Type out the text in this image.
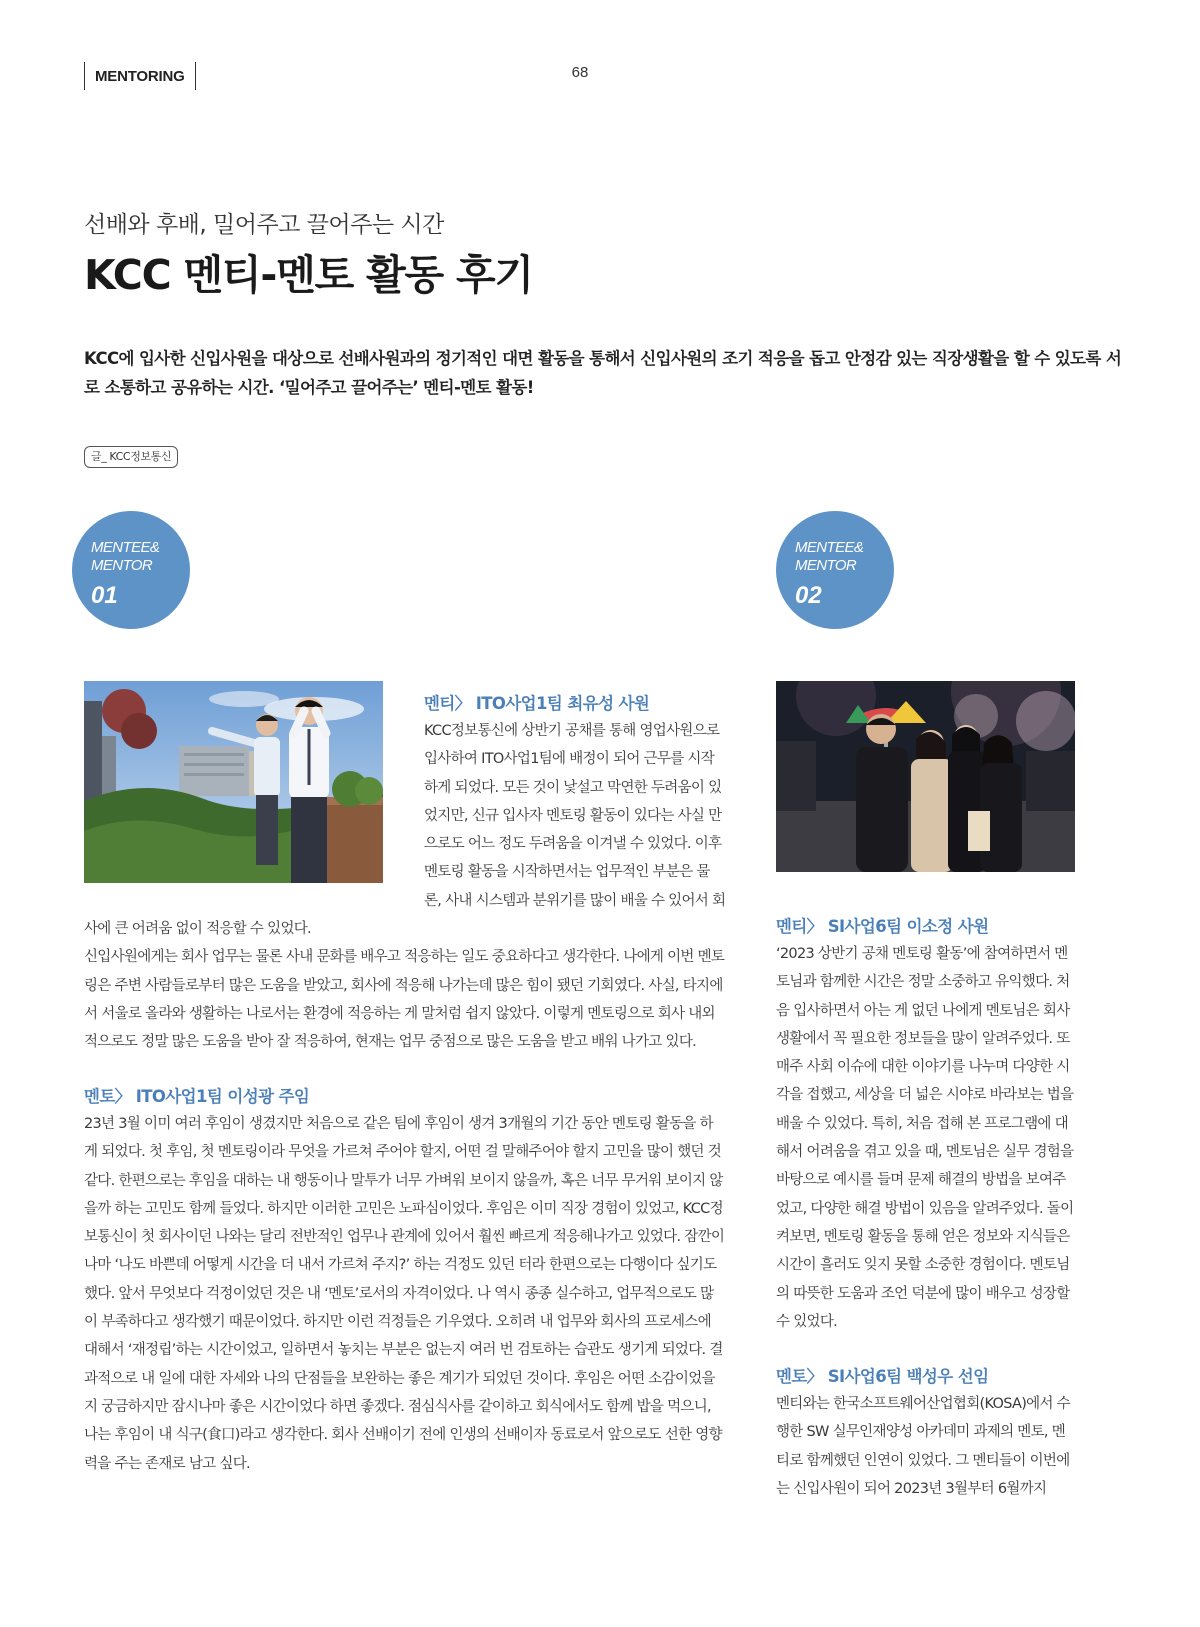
MENTORING	68
선배와 후배, 밀어주고 끌어주는 시간
KCC 멘티-멘토 활동 후기
KCC에 입사한 신입사원을 대상으로 선배사원과의 정기적인 대면 활동을 통해서 신입사원의 조기 적응을 돕고 안정감 있는 직장생활을 할 수 있도록 서로 소통하고 공유하는 시간. ‘밀어주고 끌어주는’ 멘티-멘토 활동!
글_ KCC정보통신
MENTEE&
MENTOR
01
MENTEE&
MENTOR
02
멘티〉 ITO사업1팀 최유성 사원

KCC정보통신에 상반기 공채를 통해 영업사원으로

입사하여 ITO사업1팀에 배정이 되어 근무를 시작

하게 되었다. 모든 것이 낯설고 막연한 두려움이 있

었지만, 신규 입사자 멘토링 활동이 있다는 사실 만

으로도 어느 정도 두려움을 이겨낼 수 있었다. 이후

멘토링 활동을 시작하면서는 업무적인 부분은 물

론, 사내 시스템과 분위기를 많이 배울 수 있어서 회

사에 큰 어려움 없이 적응할 수 있었다.

신입사원에게는 회사 업무는 물론 사내 문화를 배우고 적응하는 일도 중요하다고 생각한다. 나에게 이번 멘토링은 주변 사람들로부터 많은 도움을 받았고, 회사에 적응해 나가는데 많은 힘이 됐던 기회였다. 사실, 타지에서 서울로 올라와 생활하는 나로서는 환경에 적응하는 게 말처럼 쉽지 않았다. 이렇게 멘토링으로 회사 내외적으로도 정말 많은 도움을 받아 잘 적응하여, 현재는 업무 중점으로 많은 도움을 받고 배워 나가고 있다.

멘토〉 ITO사업1팀 이성광 주임
23년 3월 이미 여러 후임이 생겼지만 처음으로 같은 팀에 후임이 생겨 3개월의 기간 동안 멘토링 활동을 하게 되었다. 첫 후임, 첫 멘토링이라 무엇을 가르쳐 주어야 할지, 어떤 걸 말해주어야 할지 고민을 많이 했던 것 같다. 한편으로는 후임을 대하는 내 행동이나 말투가 너무 가벼워 보이지 않을까, 혹은 너무 무거워 보이지 않을까 하는 고민도 함께 들었다. 하지만 이러한 고민은 노파심이었다. 후임은 이미 직장 경험이 있었고, KCC정보통신이 첫 회사이던 나와는 달리 전반적인 업무나 관계에 있어서 훨씬 빠르게 적응해나가고 있었다. 잠깐이나마 ‘나도 바쁜데 어떻게 시간을 더 내서 가르쳐 주지?’ 하는 걱정도 있던 터라 한편으로는 다행이다 싶기도 했다. 앞서 무엇보다 걱정이었던 것은 내 ‘멘토’로서의 자격이었다. 나 역시 종종 실수하고, 업무적으로도 많이 부족하다고 생각했기 때문이었다. 하지만 이런 걱정들은 기우였다. 오히려 내 업무와 회사의 프로세스에 대해서 ‘재정립’하는 시간이었고, 일하면서 놓치는 부분은 없는지 여러 번 검토하는 습관도 생기게 되었다. 결과적으로 내 일에 대한 자세와 나의 단점들을 보완하는 좋은 계기가 되었던 것이다. 후임은 어떤 소감이었을지 궁금하지만 잠시나마 좋은 시간이었다 하면 좋겠다. 점심식사를 같이하고 회식에서도 함께 밥을 먹으니, 나는 후임이 내 식구(食口)라고 생각한다. 회사 선배이기 전에 인생의 선배이자 동료로서 앞으로도 선한 영향력을 주는 존재로 남고 싶다.
멘티〉 SI사업6팀 이소정 사원
‘2023 상반기 공채 멘토링 활동’에 참여하면서 멘토님과 함께한 시간은 정말 소중하고 유익했다. 처음 입사하면서 아는 게 없던 나에게 멘토님은 회사 생활에서 꼭 필요한 정보들을 많이 알려주었다. 또 매주 사회 이슈에 대한 이야기를 나누며 다양한 시각을 접했고, 세상을 더 넓은 시야로 바라보는 법을 배울 수 있었다. 특히, 처음 접해 본 프로그램에 대해서 어려움을 겪고 있을 때, 멘토님은 실무 경험을 바탕으로 예시를 들며 문제 해결의 방법을 보여주었고, 다양한 해결 방법이 있음을 알려주었다. 돌이켜보면, 멘토링 활동을 통해 얻은 정보와 지식들은 시간이 흘러도 잊지 못할 소중한 경험이다. 멘토님의 따뜻한 도움과 조언 덕분에 많이 배우고 성장할 수 있었다.
멘토〉 SI사업6팀 백성우 선임
멘티와는 한국소프트웨어산업협회(KOSA)에서 수행한 SW 실무인재양성 아카데미 과제의 멘토, 멘티로 함께했던 인연이 있었다. 그 멘티들이 이번에는 신입사원이 되어 2023년 3월부터 6월까지
